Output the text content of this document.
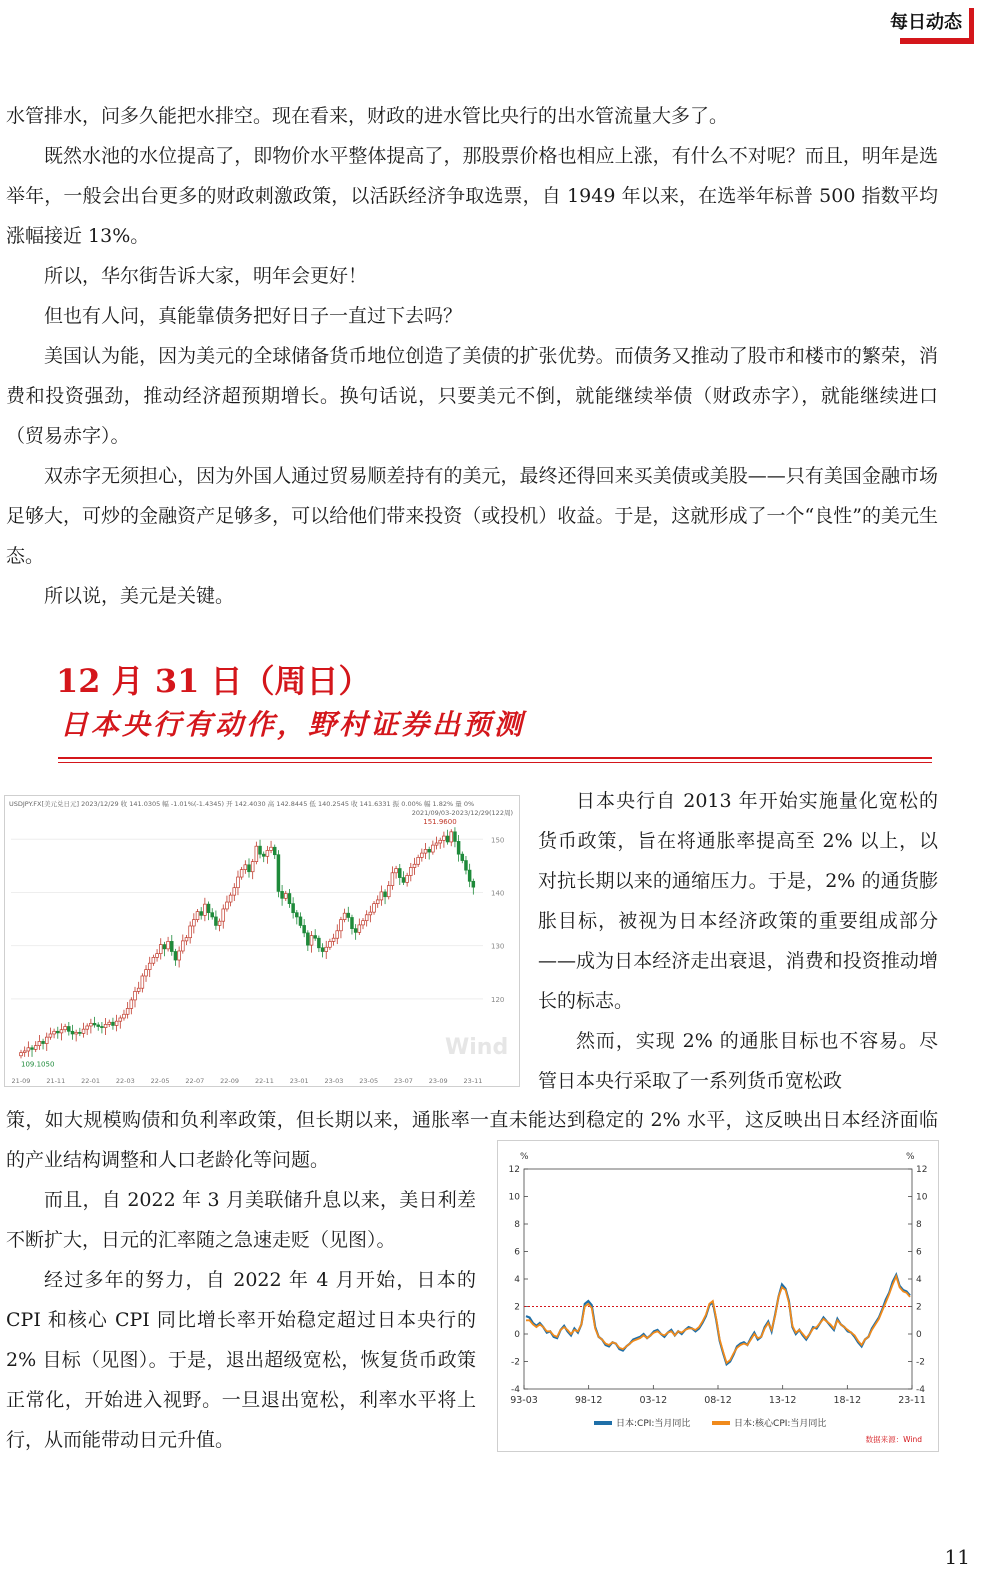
每日动态

水管排水，问多久能把水排空。现在看来，财政的进水管比央行的出水管流量大多了。

既然水池的水位提高了，即物价水平整体提高了，那股票价格也相应上涨，有什么不对呢？而且，明年是选举年，一般会出台更多的财政刺激政策，以活跃经济争取选票，自 1949 年以来，在选举年标普 500 指数平均涨幅接近 13%。

所以，华尔街告诉大家，明年会更好！

但也有人问，真能靠债务把好日子一直过下去吗？

美国认为能，因为美元的全球储备货币地位创造了美债的扩张优势。而债务又推动了股市和楼市的繁荣，消费和投资强劲，推动经济超预期增长。换句话说，只要美元不倒，就能继续举债（财政赤字），就能继续进口（贸易赤字）。

双赤字无须担心，因为外国人通过贸易顺差持有的美元，最终还得回来买美债或美股——只有美国金融市场足够大，可炒的金融资产足够多，可以给他们带来投资（或投机）收益。于是，这就形成了一个“良性”的美元生态。

所以说，美元是关键。

12 月 31 日（周日）
日本央行有动作，野村证券出预测
USDJPY.FX[美元兑日元] 2023/12/29 收 141.0305 幅 -1.01%(-1.4345) 开 142.4030 高 142.8445 低 140.2545 收 141.6331 振 0.00% 幅 1.82% 量 0%
2021/09/03-2023/12/29(122周)
120
130
140
150
Wind
151.9600
109.1050
21-09 21-11 22-01 22-03 22-05 22-07 22-09 22-11 23-01 23-03 23-05 23-07 23-09 23-11

日本央行自 2013 年开始实施量化宽松的货币政策，旨在将通胀率提高至 2% 以上，以对抗长期以来的通缩压力。于是，2% 的通货膨胀目标，被视为日本经济政策的重要组成部分——成为日本经济走出衰退，消费和投资推动增长的标志。

然而，实现 2% 的通胀目标也不容易。尽管日本央行采取了一系列货币宽松政

策，如大规模购债和负利率政策，但长期以来，通胀率一直未能达到稳定的 2% 水平，这反映出日本经济面临的产业结构调整和人口老龄化等问题。

而且，自 2022 年 3 月美联储升息以来，美日利差不断扩大，日元的汇率随之急速走贬（见图）。

经过多年的努力，自 2022 年 4 月开始，日本的 CPI 和核心 CPI 同比增长率开始稳定超过日本央行的 2% 目标（见图）。于是，退出超级宽松，恢复货币政策正常化，开始进入视野。一旦退出宽松，利率水平将上行，从而能带动日元升值。

%	%
-4	-4
-2	-2
0	0
2	2
4	4
6	6
8	8
10	10
12	12
93-03	98-12	03-12	08-12	13-12	18-12	23-11
日本:CPI:当月同比	日本:核心CPI:当月同比
数据来源：Wind
11
